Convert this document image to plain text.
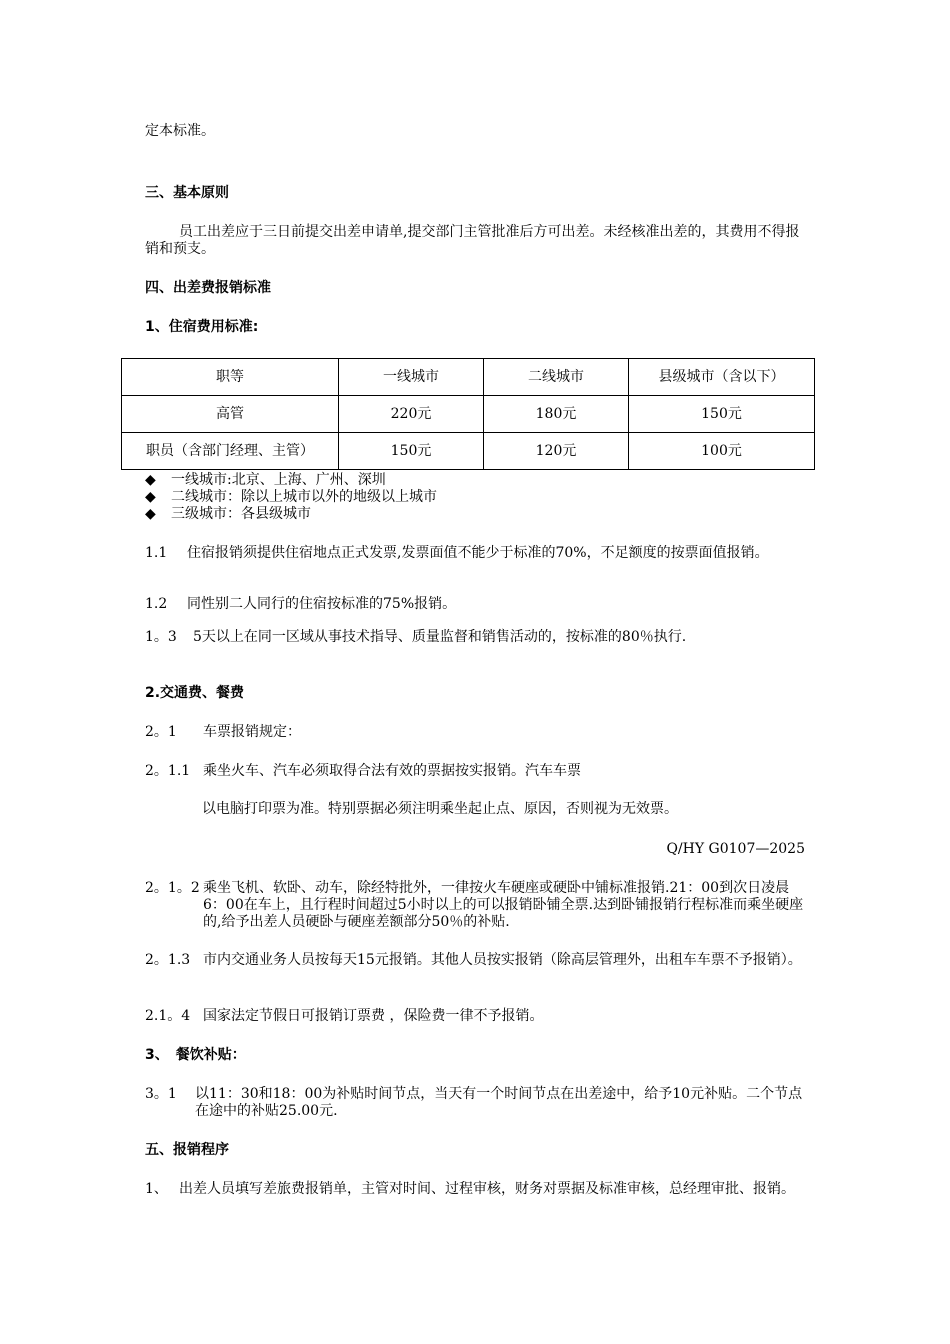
定本标准。
三、基本原则
员工出差应于三日前提交出差申请单,提交部门主管批准后方可出差。未经核准出差的，其费用不得报销和预支。
四、出差费报销标准
1、住宿费用标准:
职等	一线城市	二线城市	县级城市（含以下）
高管	220元	180元	150元
职员（含部门经理、主管）	150元	120元	100元
◆ 一线城市:北京、上海、广州、深圳
◆ 二线城市：除以上城市以外的地级以上城市
◆ 三级城市：各县级城市
1.1	住宿报销须提供住宿地点正式发票,发票面值不能少于标准的70%，不足额度的按票面值报销。
1.2	同性别二人同行的住宿按标准的75%报销。
1。3	5天以上在同一区域从事技术指导、质量监督和销售活动的，按标准的80％执行.
2.交通费、餐费
2。1	车票报销规定：
2。1.1 乘坐火车、汽车必须取得合法有效的票据按实报销。汽车车票
以电脑打印票为准。特别票据必须注明乘坐起止点、原因，否则视为无效票。
Q/HY G0107—2025
2。1。2 乘坐飞机、软卧、动车，除经特批外，一律按火车硬座或硬卧中铺标准报销.21：00到次日凌晨6：00在车上，且行程时间超过5小时以上的可以报销卧铺全票.达到卧铺报销行程标准而乘坐硬座的,给予出差人员硬卧与硬座差额部分50％的补贴.
2。1.3 市内交通业务人员按每天15元报销。其他人员按实报销（除高层管理外，出租车车票不予报销）。
2.1。4 国家法定节假日可报销订票费 ，保险费一律不予报销。
3、　餐饮补贴：
3。1	以11：30和18：00为补贴时间节点，当天有一个时间节点在出差途中，给予10元补贴。二个节点在途中的补贴25.00元.
五、报销程序
1、 出差人员填写差旅费报销单，主管对时间、过程审核，财务对票据及标准审核，总经理审批、报销。
